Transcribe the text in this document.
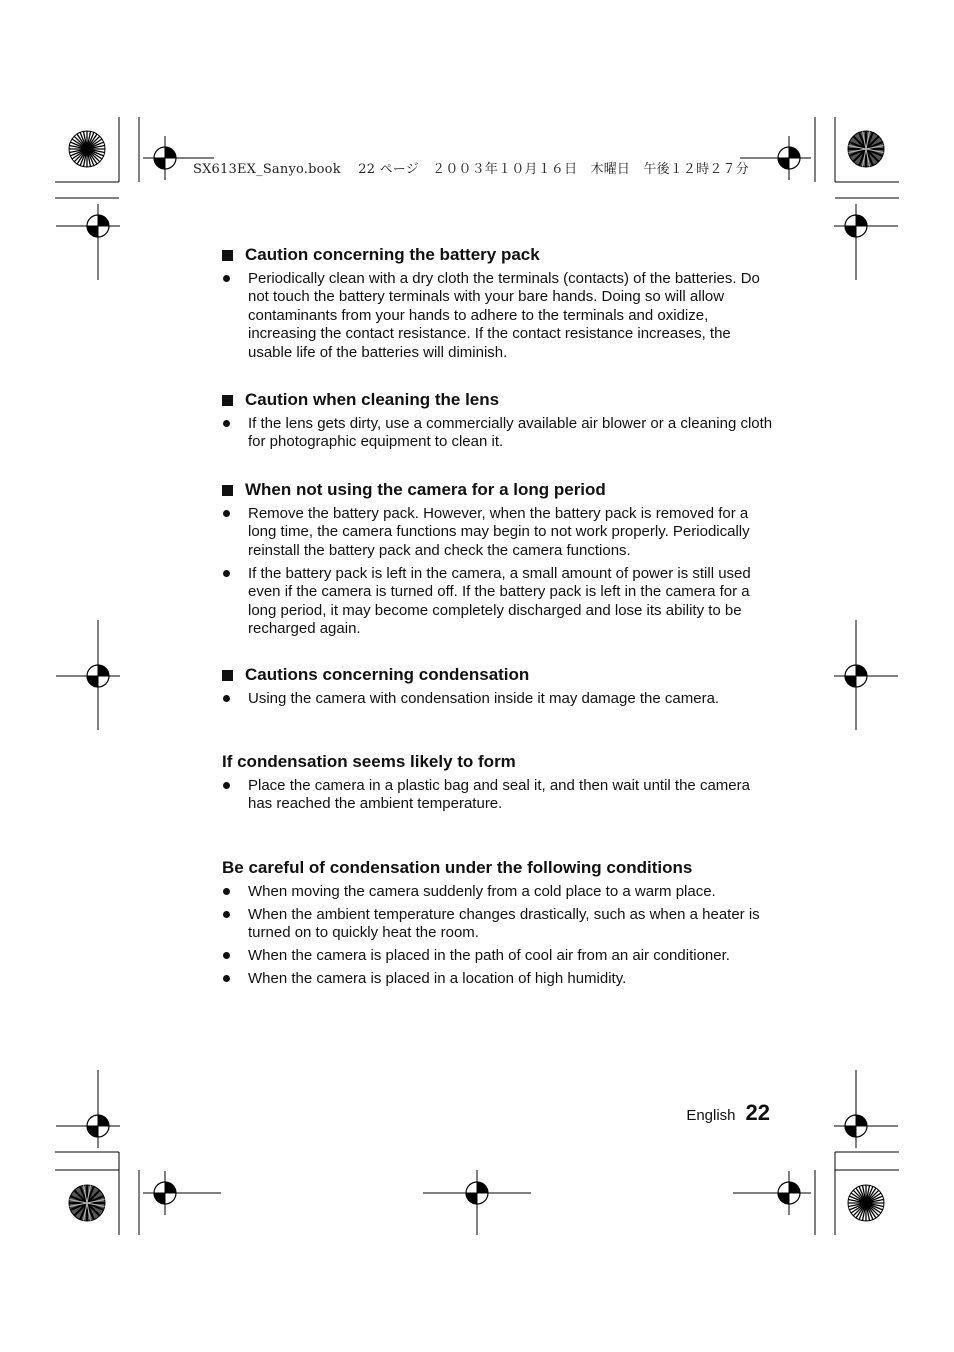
SX613EX_Sanyo.book　 22 ページ　２００３年１０月１６日　木曜日　午後１２時２７分
Caution concerning the battery pack
Periodically clean with a dry cloth the terminals (contacts) of the batteries. Do not touch the battery terminals with your bare hands. Doing so will allow contaminants from your hands to adhere to the terminals and oxidize, increasing the contact resistance. If the contact resistance increases, the usable life of the batteries will diminish.
Caution when cleaning the lens
If the lens gets dirty, use a commercially available air blower or a cleaning cloth for photographic equipment to clean it.
When not using the camera for a long period
Remove the battery pack. However, when the battery pack is removed for a long time, the camera functions may begin to not work properly. Periodically reinstall the battery pack and check the camera functions.
If the battery pack is left in the camera, a small amount of power is still used even if the camera is turned off. If the battery pack is left in the camera for a long period, it may become completely discharged and lose its ability to be recharged again.
Cautions concerning condensation
Using the camera with condensation inside it may damage the camera.
If condensation seems likely to form
Place the camera in a plastic bag and seal it, and then wait until the camera has reached the ambient temperature.
Be careful of condensation under the following conditions
When moving the camera suddenly from a cold place to a warm place.
When the ambient temperature changes drastically, such as when a heater is turned on to quickly heat the room.
When the camera is placed in the path of cool air from an air conditioner.
When the camera is placed in a location of high humidity.
English 22
